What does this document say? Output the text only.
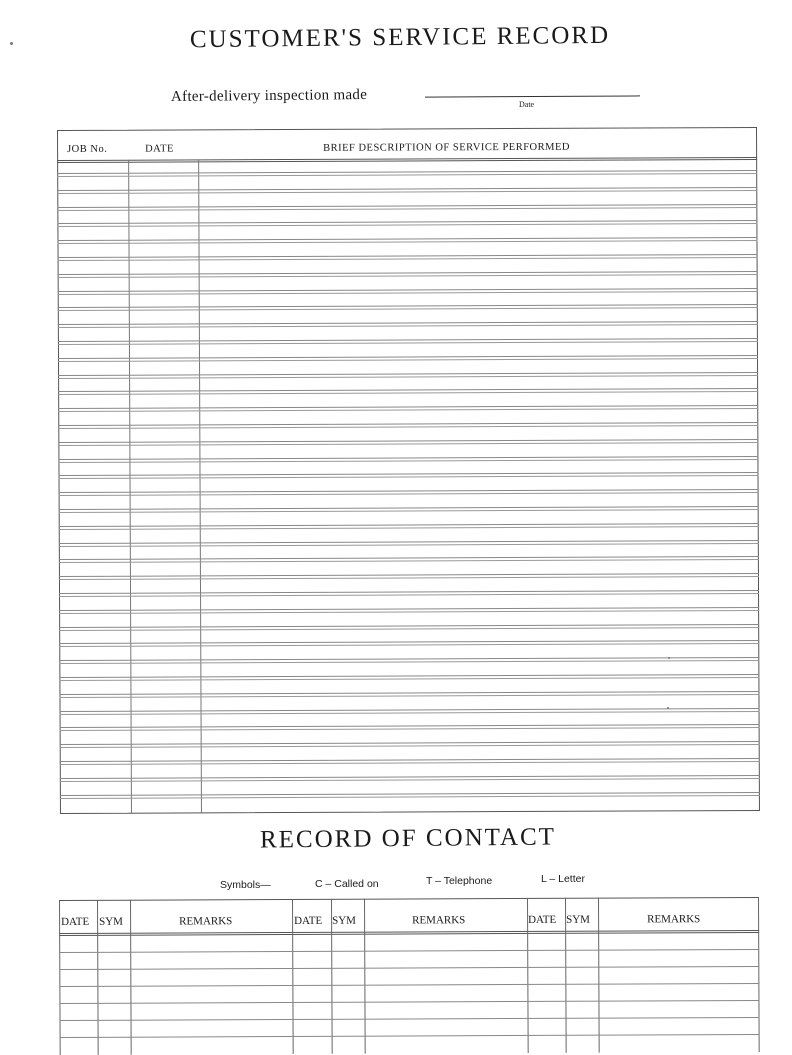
CUSTOMER'S SERVICE RECORD
After-delivery inspection made	Date
JOB No.	DATE	BRIEF DESCRIPTION OF SERVICE PERFORMED
RECORD OF CONTACT
Symbols—	C – Called on	T – Telephone	L – Letter
DATE SYM	REMARKS	DATE SYM	REMARKS	DATE SYM	REMARKS
